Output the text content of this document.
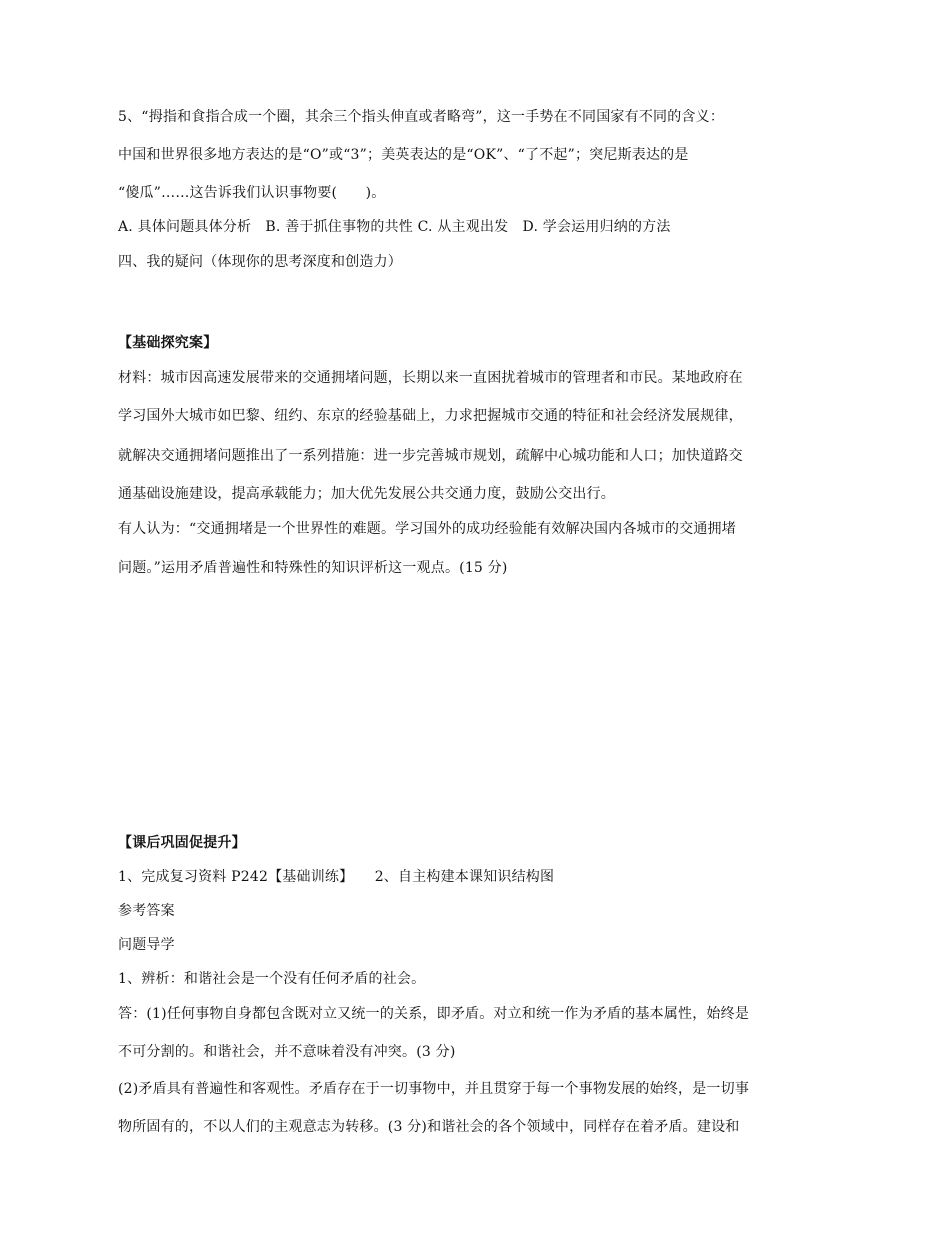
5、“拇指和食指合成一个圈，其余三个指头伸直或者略弯”，这一手势在不同国家有不同的含义：
中国和世界很多地方表达的是“O”或“3”；美英表达的是“OK”、“了不起”；突尼斯表达的是
“傻瓜”……这告诉我们认识事物要(　　)。
A. 具体问题具体分析　B. 善于抓住事物的共性 C. 从主观出发　D. 学会运用归纳的方法
四、我的疑问（体现你的思考深度和创造力）
【基础探究案】
材料：城市因高速发展带来的交通拥堵问题，长期以来一直困扰着城市的管理者和市民。某地政府在
学习国外大城市如巴黎、纽约、东京的经验基础上，力求把握城市交通的特征和社会经济发展规律，
就解决交通拥堵问题推出了一系列措施：进一步完善城市规划，疏解中心城功能和人口；加快道路交
通基础设施建设，提高承载能力；加大优先发展公共交通力度，鼓励公交出行。
有人认为：“交通拥堵是一个世界性的难题。学习国外的成功经验能有效解决国内各城市的交通拥堵
问题。”运用矛盾普遍性和特殊性的知识评析这一观点。(15 分)
【课后巩固促提升】
1、完成复习资料 P242【基础训练】　　2、自主构建本课知识结构图
参考答案
问题导学
1、辨析：和谐社会是一个没有任何矛盾的社会。
答：(1)任何事物自身都包含既对立又统一的关系，即矛盾。对立和统一作为矛盾的基本属性，始终是
不可分割的。和谐社会，并不意味着没有冲突。(3 分)
(2)矛盾具有普遍性和客观性。矛盾存在于一切事物中，并且贯穿于每一个事物发展的始终，是一切事
物所固有的，不以人们的主观意志为转移。(3 分)和谐社会的各个领域中，同样存在着矛盾。建设和
